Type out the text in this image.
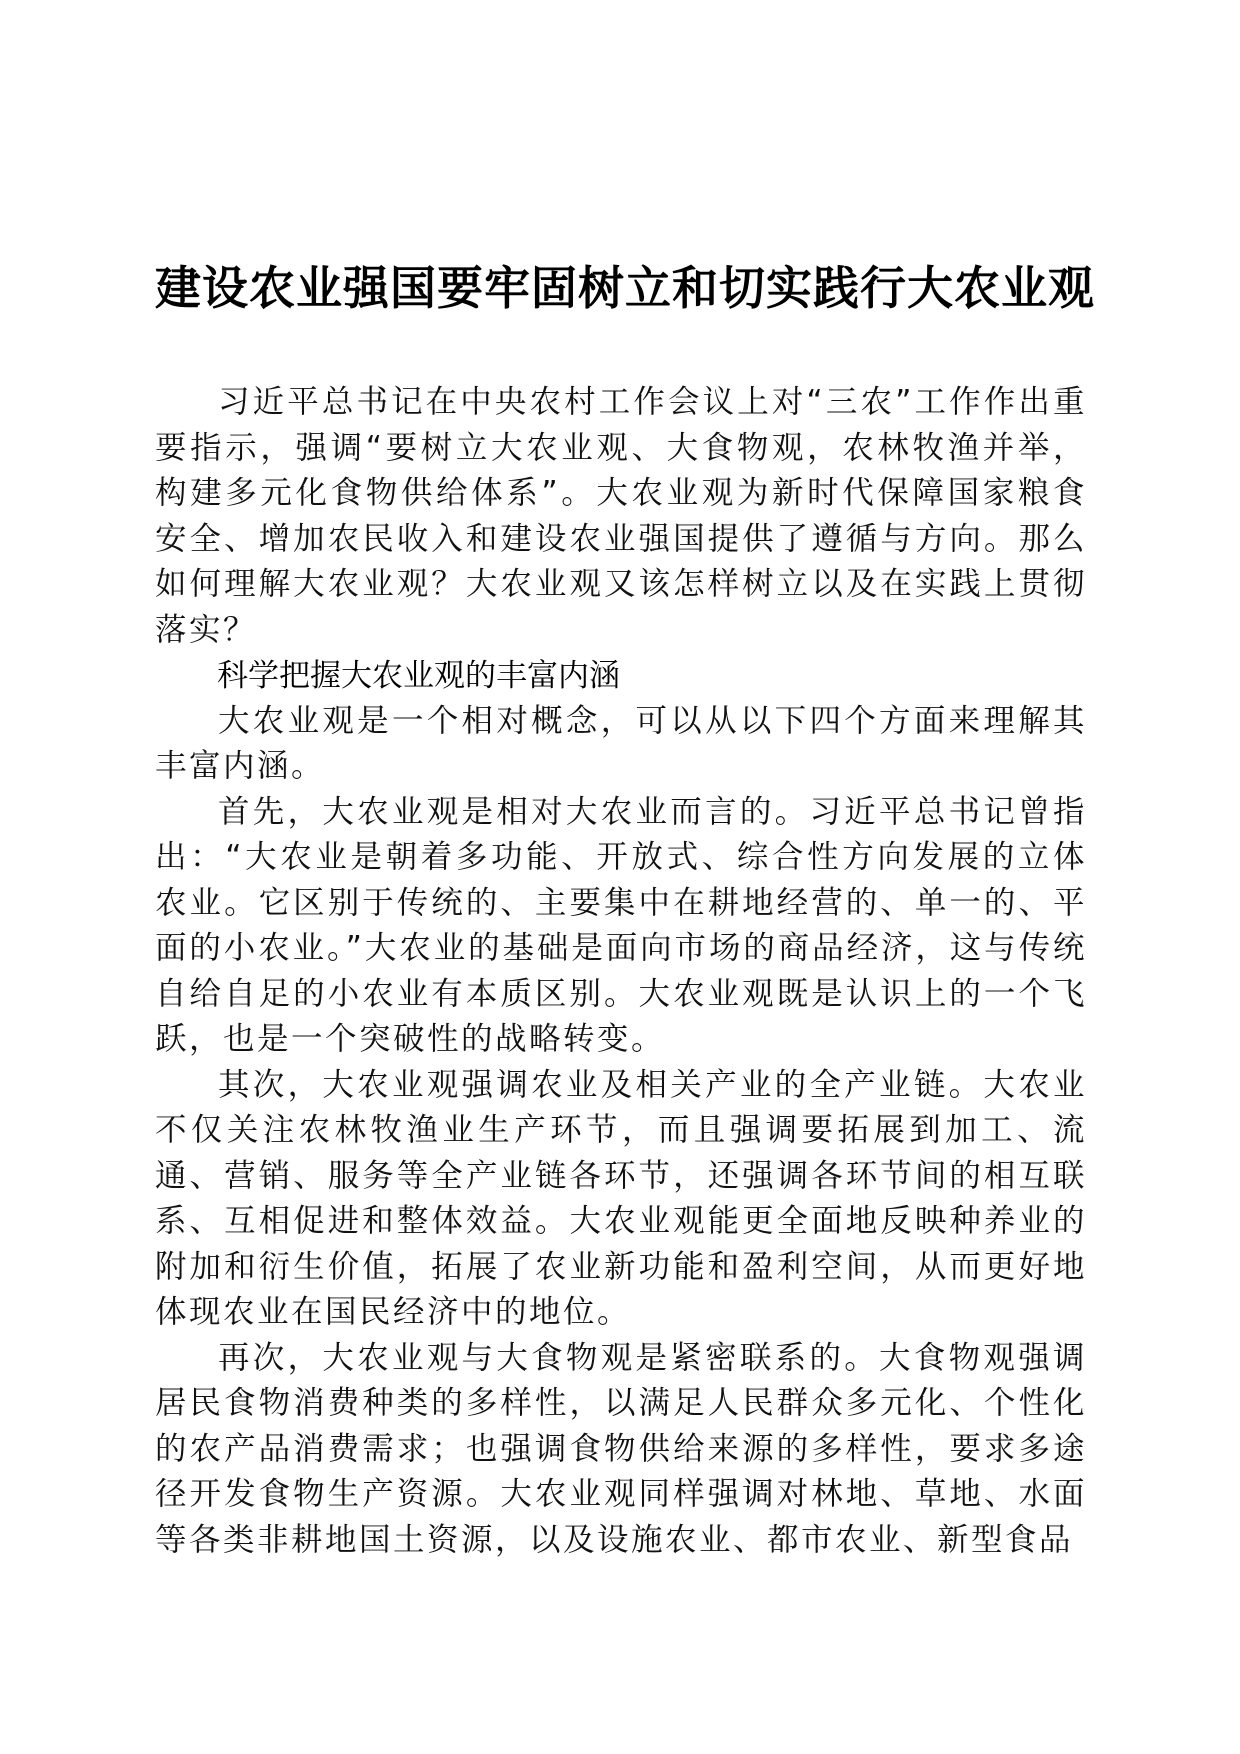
建设农业强国要牢固树立和切实践行大农业观

习近平总书记在中央农村工作会议上对“三农”工作作出重要指示，强调“要树立大农业观、大食物观，农林牧渔并举，构建多元化食物供给体系”。大农业观为新时代保障国家粮食安全、增加农民收入和建设农业强国提供了遵循与方向。那么如何理解大农业观？大农业观又该怎样树立以及在实践上贯彻落实？

科学把握大农业观的丰富内涵

大农业观是一个相对概念，可以从以下四个方面来理解其丰富内涵。

首先，大农业观是相对大农业而言的。习近平总书记曾指出：“大农业是朝着多功能、开放式、综合性方向发展的立体农业。它区别于传统的、主要集中在耕地经营的、单一的、平面的小农业。”大农业的基础是面向市场的商品经济，这与传统自给自足的小农业有本质区别。大农业观既是认识上的一个飞跃，也是一个突破性的战略转变。

其次，大农业观强调农业及相关产业的全产业链。大农业不仅关注农林牧渔业生产环节，而且强调要拓展到加工、流通、营销、服务等全产业链各环节，还强调各环节间的相互联系、互相促进和整体效益。大农业观能更全面地反映种养业的附加和衍生价值，拓展了农业新功能和盈利空间，从而更好地体现农业在国民经济中的地位。

再次，大农业观与大食物观是紧密联系的。大食物观强调居民食物消费种类的多样性，以满足人民群众多元化、个性化的农产品消费需求；也强调食物供给来源的多样性，要求多途径开发食物生产资源。大农业观同样强调对林地、草地、水面等各类非耕地国土资源，以及设施农业、都市农业、新型食品
